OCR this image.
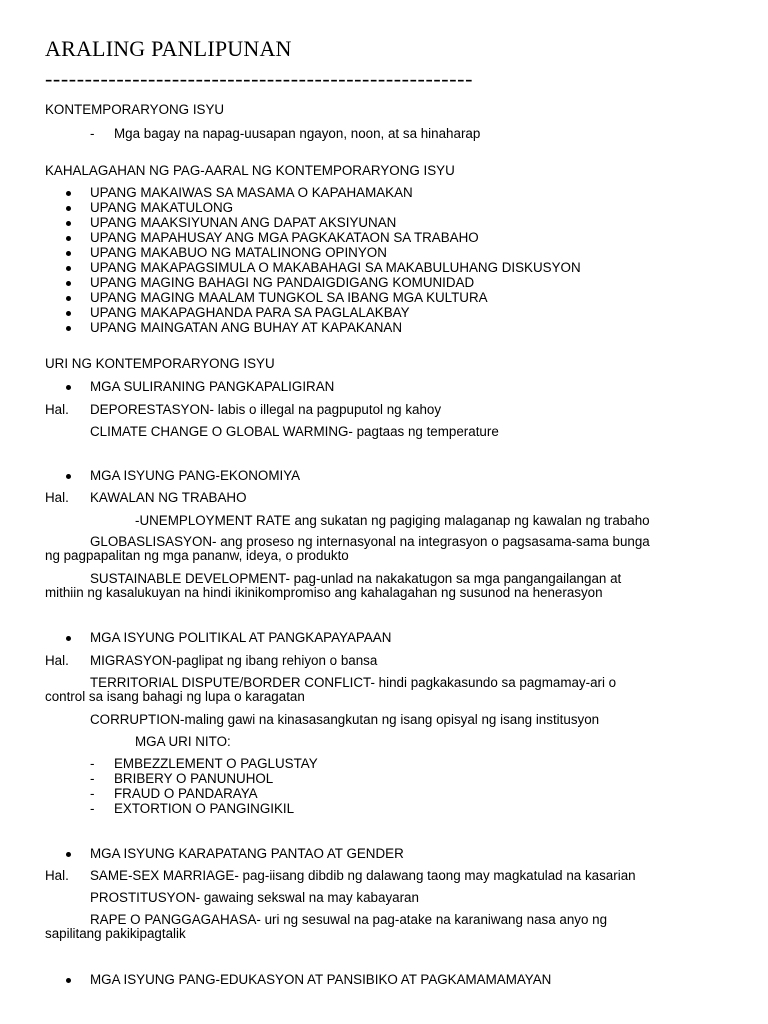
ARALING PANLIPUNAN
------------------------------------------------------
KONTEMPORARYONG ISYU
- Mga bagay na napag-uusapan ngayon, noon, at sa hinaharap
KAHALAGAHAN NG PAG-AARAL NG KONTEMPORARYONG ISYU
UPANG MAKAIWAS SA MASAMA O KAPAHAMAKAN
UPANG MAKATULONG
UPANG MAAKSIYUNAN ANG DAPAT AKSIYUNAN
UPANG MAPAHUSAY ANG MGA PAGKAKATAON SA TRABAHO
UPANG MAKABUO NG MATALINONG OPINYON
UPANG MAKAPAGSIMULA O MAKABAHAGI SA MAKABULUHANG DISKUSYON
UPANG MAGING BAHAGI NG PANDAIGDIGANG KOMUNIDAD
UPANG MAGING MAALAM TUNGKOL SA IBANG MGA KULTURA
UPANG MAKAPAGHANDA PARA SA PAGLALAKBAY
UPANG MAINGATAN ANG BUHAY AT KAPAKANAN
URI NG KONTEMPORARYONG ISYU
MGA SULIRANING PANGKAPALIGIRAN
Hal. DEPORESTASYON- labis o illegal na pagpuputol ng kahoy
CLIMATE CHANGE O GLOBAL WARMING- pagtaas ng temperature
MGA ISYUNG PANG-EKONOMIYA
Hal. KAWALAN NG TRABAHO
-UNEMPLOYMENT RATE ang sukatan ng pagiging malaganap ng kawalan ng trabaho
GLOBASLISASYON- ang proseso ng internasyonal na integrasyon o pagsasama-sama bunga
ng pagpapalitan ng mga pananw, ideya, o produkto
SUSTAINABLE DEVELOPMENT- pag-unlad na nakakatugon sa mga pangangailangan at
mithiin ng kasalukuyan na hindi ikinikompromiso ang kahalagahan ng susunod na henerasyon
MGA ISYUNG POLITIKAL AT PANGKAPAYAPAAN
Hal. MIGRASYON-paglipat ng ibang rehiyon o bansa
TERRITORIAL DISPUTE/BORDER CONFLICT- hindi pagkakasundo sa pagmamay-ari o
control sa isang bahagi ng lupa o karagatan
CORRUPTION-maling gawi na kinasasangkutan ng isang opisyal ng isang institusyon
MGA URI NITO:
- EMBEZZLEMENT O PAGLUSTAY
- BRIBERY O PANUNUHOL
- FRAUD O PANDARAYA
- EXTORTION O PANGINGIKIL
MGA ISYUNG KARAPATANG PANTAO AT GENDER
Hal. SAME-SEX MARRIAGE- pag-iisang dibdib ng dalawang taong may magkatulad na kasarian
PROSTITUSYON- gawaing sekswal na may kabayaran
RAPE O PANGGAGAHASA- uri ng sesuwal na pag-atake na karaniwang nasa anyo ng
sapilitang pakikipagtalik
MGA ISYUNG PANG-EDUKASYON AT PANSIBIKO AT PAGKAMAMAMAYAN
